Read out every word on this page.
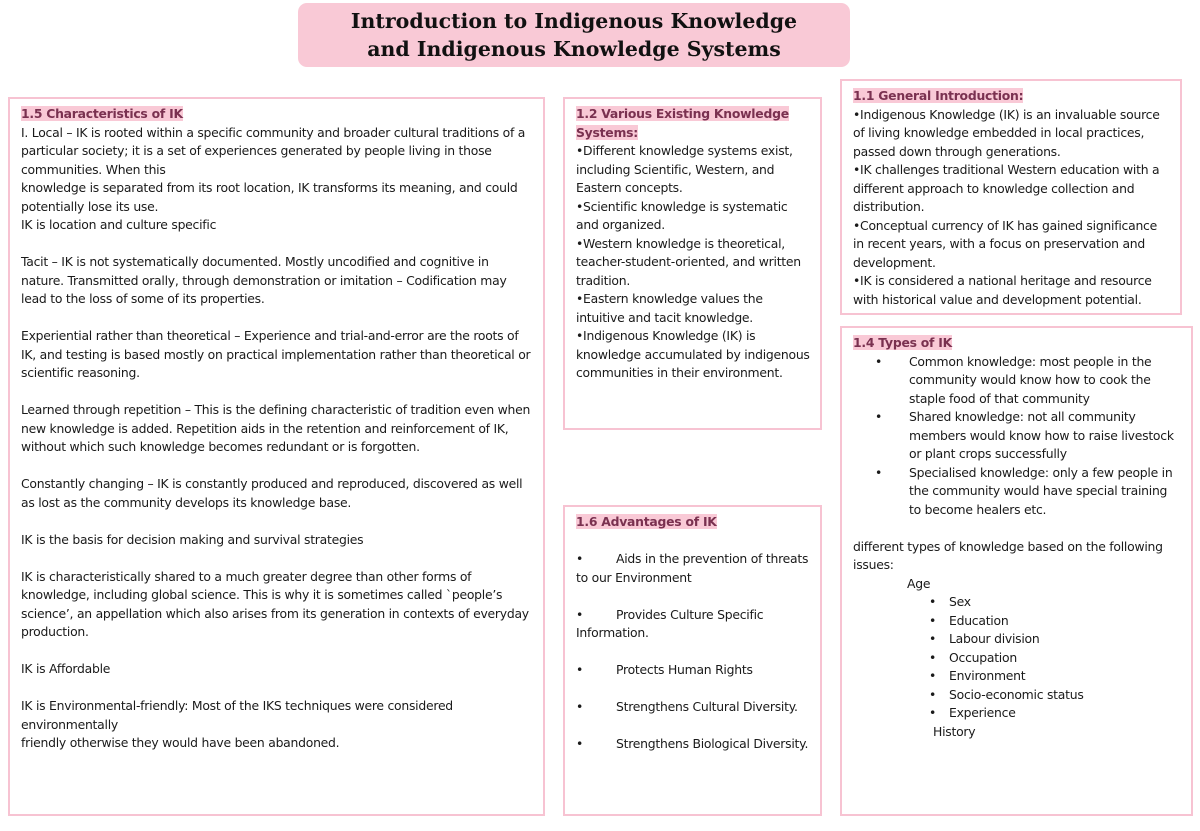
Introduction to Indigenous Knowledge
and Indigenous Knowledge Systems
1.5 Characteristics of IK

I. Local – IK is rooted within a specific community and broader cultural traditions of a particular society; it is a set of experiences generated by people living in those communities. When this

knowledge is separated from its root location, IK transforms its meaning, and could potentially lose its use.

IK is location and culture specific

Tacit – IK is not systematically documented. Mostly uncodified and cognitive in nature. Transmitted orally, through demonstration or imitation – Codification may lead to the loss of some of its properties.

Experiential rather than theoretical – Experience and trial-and-error are the roots of IK, and testing is based mostly on practical implementation rather than theoretical or scientific reasoning.

Learned through repetition – This is the defining characteristic of tradition even when new knowledge is added. Repetition aids in the retention and reinforcement of IK, without which such knowledge becomes redundant or is forgotten.

Constantly changing – IK is constantly produced and reproduced, discovered as well as lost as the community develops its knowledge base.

IK is the basis for decision making and survival strategies

IK is characteristically shared to a much greater degree than other forms of knowledge, including global science. This is why it is sometimes called `people’s science’, an appellation which also arises from its generation in contexts of everyday production.

IK is Affordable

IK is Environmental-friendly: Most of the IKS techniques were considered environmentally

friendly otherwise they would have been abandoned.

1.2 Various Existing Knowledge
Systems:

•Different knowledge systems exist, including Scientific, Western, and Eastern concepts.

•Scientific knowledge is systematic and organized.

•Western knowledge is theoretical, teacher-student-oriented, and written tradition.

•Eastern knowledge values the intuitive and tacit knowledge.

•Indigenous Knowledge (IK) is knowledge accumulated by indigenous communities in their environment.

1.6 Advantages of IK
•	Aids in the prevention of threats to our Environment
•	Provides Culture Specific Information.
•	Protects Human Rights
•	Strengthens Cultural Diversity.
•	Strengthens Biological Diversity.
1.1 General Introduction:

•Indigenous Knowledge (IK) is an invaluable source of living knowledge embedded in local practices, passed down through generations.

•IK challenges traditional Western education with a different approach to knowledge collection and distribution.

•Conceptual currency of IK has gained significance in recent years, with a focus on preservation and development.

•IK is considered a national heritage and resource with historical value and development potential.

1.4 Types of IK
•	Common knowledge: most people in the community would know how to cook the staple food of that community
•	Shared knowledge: not all community members would know how to raise livestock or plant crops successfully
•	Specialised knowledge: only a few people in the community would have special training to become healers etc.

different types of knowledge based on the following issues:

Age

•	Sex
•	Education
•	Labour division
•	Occupation
•	Environment
•	Socio-economic status
•	Experience

History
